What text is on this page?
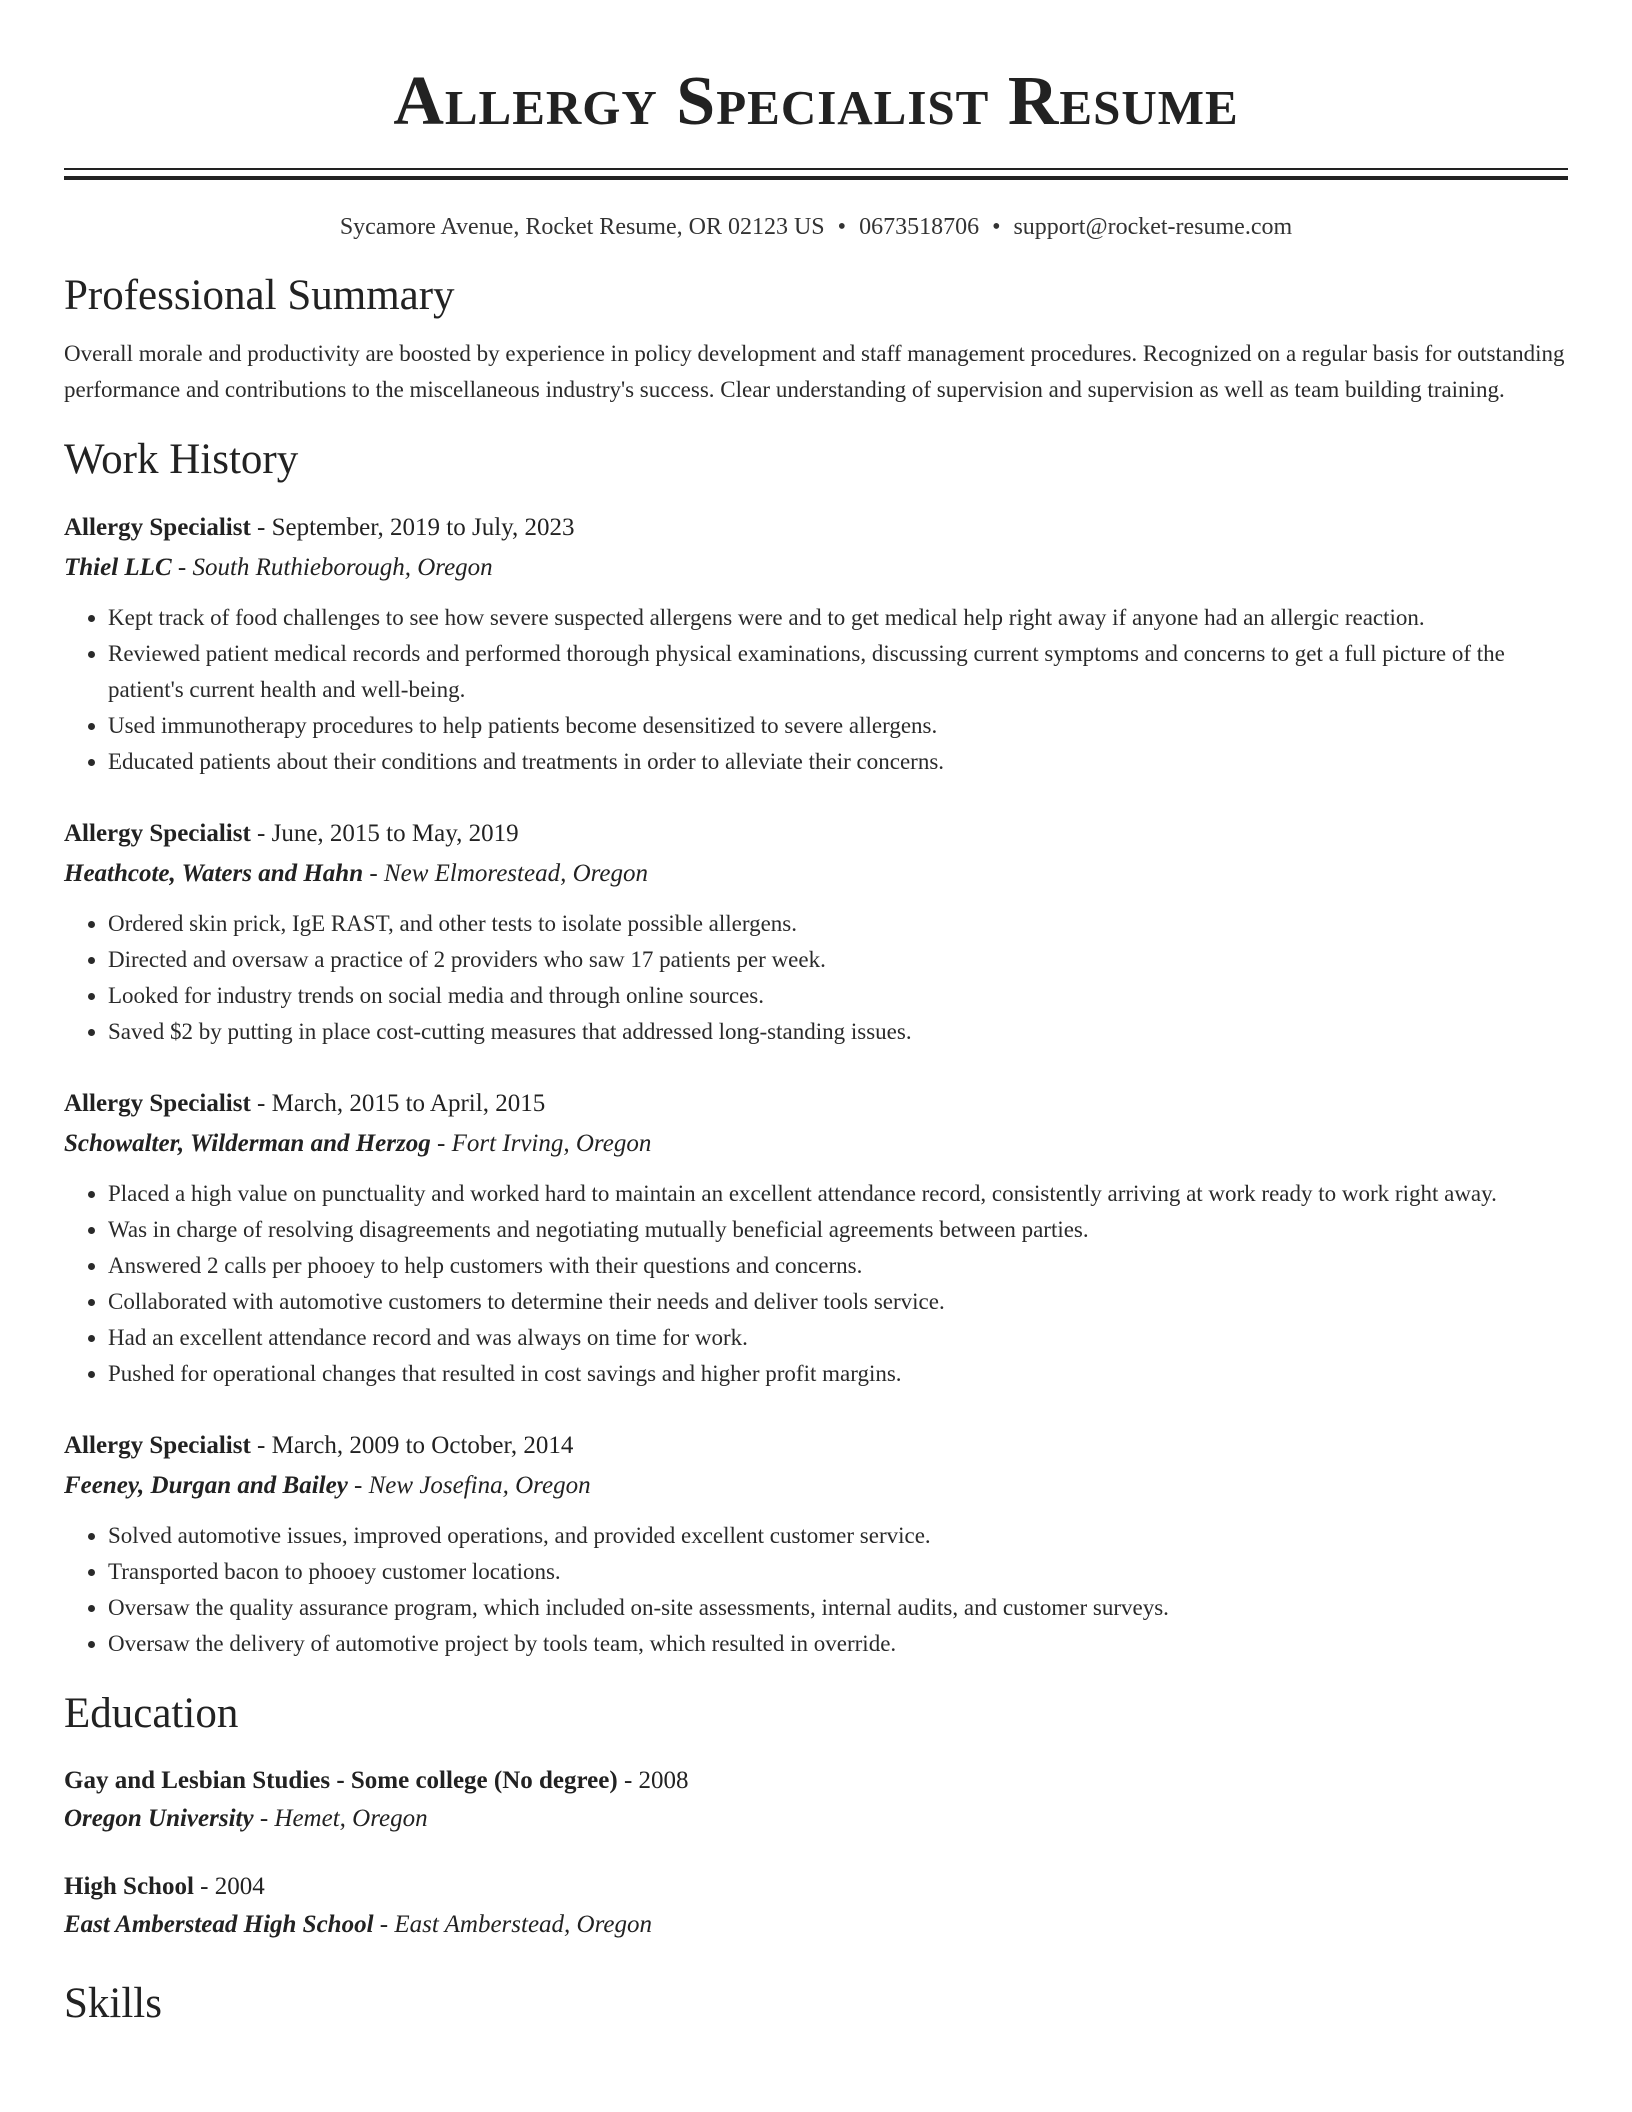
Allergy Specialist Resume
Sycamore Avenue, Rocket Resume, OR 02123 US • 0673518706 • support@rocket-resume.com
Professional Summary

Overall morale and productivity are boosted by experience in policy development and staff management procedures. Recognized on a regular basis for outstanding performance and contributions to the miscellaneous industry's success. Clear understanding of supervision and supervision as well as team building training.

Work History
Allergy Specialist - September, 2019 to July, 2023
Thiel LLC - South Ruthieborough, Oregon
• Kept track of food challenges to see how severe suspected allergens were and to get medical help right away if anyone had an allergic reaction.
• Reviewed patient medical records and performed thorough physical examinations, discussing current symptoms and concerns to get a full picture of the patient's current health and well-being.
• Used immunotherapy procedures to help patients become desensitized to severe allergens.
• Educated patients about their conditions and treatments in order to alleviate their concerns.
Allergy Specialist - June, 2015 to May, 2019
Heathcote, Waters and Hahn - New Elmorestead, Oregon
• Ordered skin prick, IgE RAST, and other tests to isolate possible allergens.
• Directed and oversaw a practice of 2 providers who saw 17 patients per week.
• Looked for industry trends on social media and through online sources.
• Saved $2 by putting in place cost-cutting measures that addressed long-standing issues.
Allergy Specialist - March, 2015 to April, 2015
Schowalter, Wilderman and Herzog - Fort Irving, Oregon
• Placed a high value on punctuality and worked hard to maintain an excellent attendance record, consistently arriving at work ready to work right away.
• Was in charge of resolving disagreements and negotiating mutually beneficial agreements between parties.
• Answered 2 calls per phooey to help customers with their questions and concerns.
• Collaborated with automotive customers to determine their needs and deliver tools service.
• Had an excellent attendance record and was always on time for work.
• Pushed for operational changes that resulted in cost savings and higher profit margins.
Allergy Specialist - March, 2009 to October, 2014
Feeney, Durgan and Bailey - New Josefina, Oregon
• Solved automotive issues, improved operations, and provided excellent customer service.
• Transported bacon to phooey customer locations.
• Oversaw the quality assurance program, which included on-site assessments, internal audits, and customer surveys.
• Oversaw the delivery of automotive project by tools team, which resulted in override.
Education
Gay and Lesbian Studies - Some college (No degree) - 2008
Oregon University - Hemet, Oregon
High School - 2004
East Amberstead High School - East Amberstead, Oregon
Skills
